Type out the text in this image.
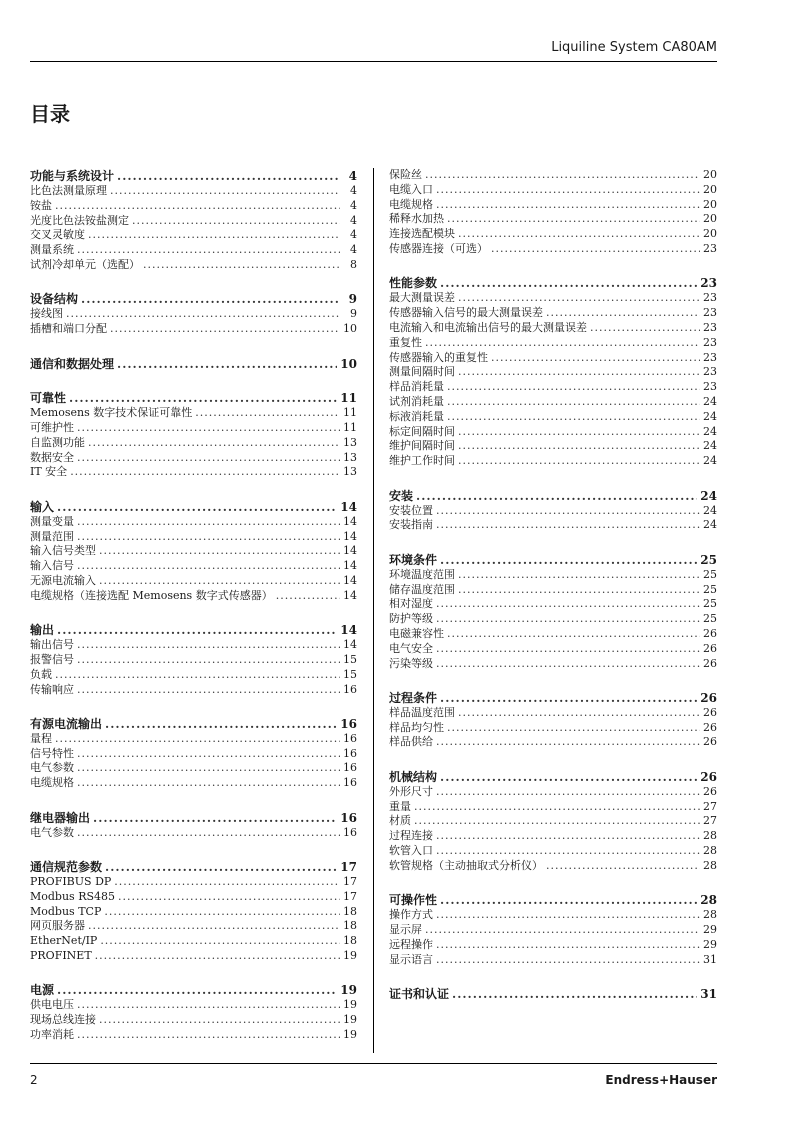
Liquiline System CA80AM
目录
功能与系统设计 .....	4
比色法测量原理 .....	4
铵盐 .....	4
光度比色法铵盐测定 .....	4
交叉灵敏度 .....	4
测量系统 .....	4
试剂冷却单元（选配） .....	8
设备结构 .....	9
接线图 .....	9
插槽和端口分配 .....	10
通信和数据处理 .....	10
可靠性 .....	11
Memosens 数字技术保证可靠性 .....	11
可维护性 .....	11
自监测功能 .....	13
数据安全 .....	13
IT 安全 .....	13
输入 .....	14
测量变量 .....	14
测量范围 .....	14
输入信号类型 .....	14
输入信号 .....	14
无源电流输入 .....	14
电缆规格（连接选配 Memosens 数字式传感器） .....	14
输出 .....	14
输出信号 .....	14
报警信号 .....	15
负载 .....	15
传输响应 .....	16
有源电流输出 .....	16
量程 .....	16
信号特性 .....	16
电气参数 .....	16
电缆规格 .....	16
继电器输出 .....	16
电气参数 .....	16
通信规范参数 .....	17
PROFIBUS DP .....	17
Modbus RS485 .....	17
Modbus TCP .....	18
网页服务器 .....	18
EtherNet/IP .....	18
PROFINET .....	19
电源 .....	19
供电电压 .....	19
现场总线连接 .....	19
功率消耗 .....	19
保险丝 .....	20
电缆入口 .....	20
电缆规格 .....	20
稀释水加热 .....	20
连接选配模块 .....	20
传感器连接（可选） .....	23
性能参数 .....	23
最大测量误差 .....	23
传感器输入信号的最大测量误差 .....	23
电流输入和电流输出信号的最大测量误差 .....	23
重复性 .....	23
传感器输入的重复性 .....	23
测量间隔时间 .....	23
样品消耗量 .....	23
试剂消耗量 .....	24
标液消耗量 .....	24
标定间隔时间 .....	24
维护间隔时间 .....	24
维护工作时间 .....	24
安装 .....	24
安装位置 .....	24
安装指南 .....	24
环境条件 .....	25
环境温度范围 .....	25
储存温度范围 .....	25
相对湿度 .....	25
防护等级 .....	25
电磁兼容性 .....	26
电气安全 .....	26
污染等级 .....	26
过程条件 .....	26
样品温度范围 .....	26
样品均匀性 .....	26
样品供给 .....	26
机械结构 .....	26
外形尺寸 .....	26
重量 .....	27
材质 .....	27
过程连接 .....	28
软管入口 .....	28
软管规格（主动抽取式分析仪） .....	28
可操作性 .....	28
操作方式 .....	28
显示屏 .....	29
远程操作 .....	29
显示语言 .....	31
证书和认证 .....	31
2	Endress+Hauser
